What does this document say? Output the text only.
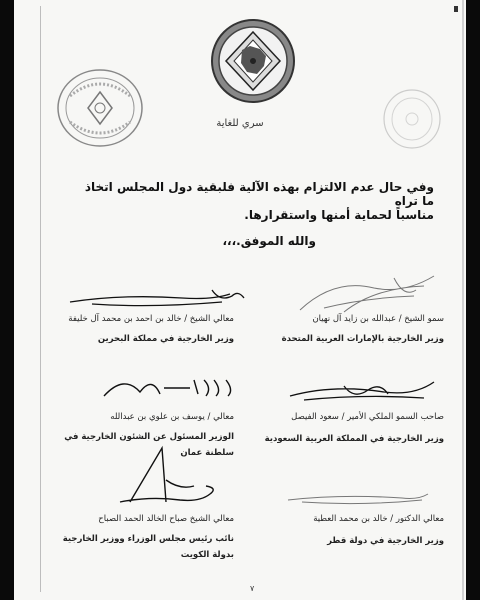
سري للغاية
وفي حال عدم الالتزام بهذه الآلية فلبقية دول المجلس اتخاذ ما تراه
مناسباً لحماية أمنها واستقرارها.
والله الموفق.،،،
معالي الشيخ / خالد بن احمد بن محمد آل خليفة
وزير الخارجية في مملكة البحرين
سمو الشيخ / عبدالله بن زايد آل نهيان
وزير الخارجية بالإمارات العربية المتحدة
معالي / يوسف بن علوي بن عبدالله
الوزير المسئول عن الشئون الخارجية في
سلطنة عمان
صاحب السمو الملكي الأمير / سعود الفيصل
وزير الخارجية في المملكة العربية السعودية
معالي الشيخ صباح الخالد الحمد الصباح
نائب رئيس مجلس الوزراء ووزير الخارجية
بدولة الكويت
معالي الدكتور / خالد بن محمد العطية
وزير الخارجية في دولة قطر
٧
